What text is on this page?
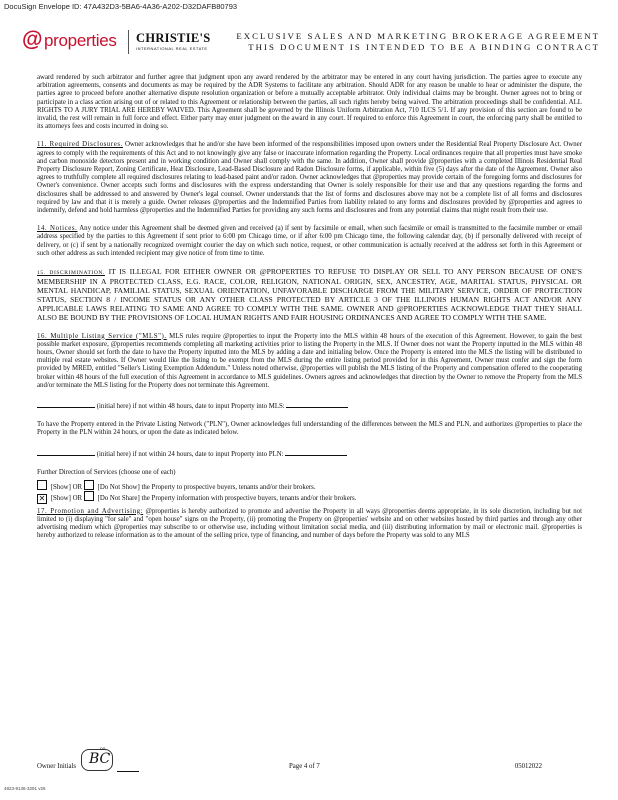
DocuSign Envelope ID: 47A432D3-5BA6-4A36-A202-D32DAFB80793
@ properties CHRISTIE'S
INTERNATIONAL REAL ESTATE
EXCLUSIVE SALES AND MARKETING BROKERAGE AGREEMENT
THIS DOCUMENT IS INTENDED TO BE A BINDING CONTRACT

award rendered by such arbitrator and further agree that judgment upon any award rendered by the arbitrator may be entered in any court having jurisdiction. The parties agree to execute any arbitration agreements, consents and documents as may be required by the ADR Systems to facilitate any arbitration. Should ADR for any reason be unable to hear or administer the dispute, the parties agree to proceed before another alternative dispute resolution organization or before a mutually acceptable arbitrator. Only individual claims may be brought. Owner agrees not to bring or participate in a class action arising out of or related to this Agreement or relationship between the parties, all such rights hereby being waived. The arbitration proceedings shall be confidential. ALL RIGHTS TO A JURY TRIAL ARE HEREBY WAIVED. This Agreement shall be governed by the Illinois Uniform Arbitration Act, 710 ILCS 5/1. If any provision of this section are found to be invalid, the rest will remain in full force and effect. Either party may enter judgment on the award in any court. If required to enforce this Agreement in court, the enforcing party shall be entitled to its attorneys fees and costs incurred in doing so.

11. Required Disclosures. Owner acknowledges that he and/or she have been informed of the responsibilities imposed upon owners under the Residential Real Property Disclosure Act. Owner agrees to comply with the requirements of this Act and to not knowingly give any false or inaccurate information regarding the Property. Local ordinances require that all properties must have smoke and carbon monoxide detectors present and in working condition and Owner shall comply with the same. In addition, Owner shall provide @properties with a completed Illinois Residential Real Property Disclosure Report, Zoning Certificate, Heat Disclosure, Lead-Based Disclosure and Radon Disclosure forms, if applicable, within five (5) days after the date of the Agreement. Owner also agrees to truthfully complete all required disclosures relating to lead-based paint and/or radon. Owner acknowledges that @properties may provide certain of the foregoing forms and disclosures for Owner's convenience. Owner accepts such forms and disclosures with the express understanding that Owner is solely responsible for their use and that any questions regarding the forms and disclosures shall be addressed to and answered by Owner's legal counsel. Owner understands that the list of forms and disclosures above may not be a complete list of all forms and disclosures required by law and that it is merely a guide. Owner releases @properties and the Indemnified Parties from liability related to any forms and disclosures provided by @properties and agrees to indemnify, defend and hold harmless @properties and the Indemnified Parties for providing any such forms and disclosures and from any potential claims that might result from their use.

14. Notices. Any notice under this Agreement shall be deemed given and received (a) if sent by facsimile or email, when such facsimile or email is transmitted to the facsimile number or email address specified by the parties to this Agreement if sent prior to 6:00 pm Chicago time, or if after 6:00 pm Chicago time, the following calendar day, (b) if personally delivered with receipt of delivery, or (c) if sent by a nationally recognized overnight courier the day on which such notice, request, or other communication is actually received at the address set forth in this Agreement or such other address as such intended recipient may give notice of from time to time.

15. DISCRIMINATION. IT IS ILLEGAL FOR EITHER OWNER OR @PROPERTIES TO REFUSE TO DISPLAY OR SELL TO ANY PERSON BECAUSE OF ONE'S MEMBERSHIP IN A PROTECTED CLASS, E.G. RACE, COLOR, RELIGION, NATIONAL ORIGIN, SEX, ANCESTRY, AGE, MARITAL STATUS, PHYSICAL OR MENTAL HANDICAP, FAMILIAL STATUS, SEXUAL ORIENTATION, UNFAVORABLE DISCHARGE FROM THE MILITARY SERVICE, ORDER OF PROTECTION STATUS, SECTION 8 / INCOME STATUS OR ANY OTHER CLASS PROTECTED BY ARTICLE 3 OF THE ILLINOIS HUMAN RIGHTS ACT AND/OR ANY APPLICABLE LAWS RELATING TO SAME AND AGREE TO COMPLY WITH THE SAME. OWNER AND @PROPERTIES ACKNOWLEDGE THAT THEY SHALL ALSO BE BOUND BY THE PROVISIONS OF LOCAL HUMAN RIGHTS AND FAIR HOUSING ORDINANCES AND AGREE TO COMPLY WITH THE SAME.

16. Multiple Listing Service ("MLS"). MLS rules require @properties to input the Property into the MLS within 48 hours of the execution of this Agreement. However, to gain the best possible market exposure, @properties recommends completing all marketing activities prior to listing the Property in the MLS. If Owner does not want the Property inputted in the MLS within 48 hours, Owner should set forth the date to have the Property inputted into the MLS by adding a date and initialing below. Once the Property is entered into the MLS the listing will be distributed to multiple real estate websites. If Owner would like the listing to be exempt from the MLS during the entire listing period provided for in this Agreement, Owner must confer and sign the form provided by MRED, entitled "Seller's Listing Exemption Addendum." Unless noted otherwise, @properties will publish the MLS listing of the Property and compensation offered to the cooperating broker within 48 hours of the full execution of this Agreement in accordance to MLS guidelines. Owners agrees and acknowledges that direction by the Owner to remove the Property from the MLS and/or terminate the MLS listing for the Property does not terminate this Agreement.

(initial here) if not within 48 hours, date to input Property into MLS:

To have the Property entered in the Private Listing Network ("PLN"), Owner acknowledges full understanding of the differences between the MLS and PLN, and authorizes @properties to place the Property in the PLN within 24 hours, or upon the date as indicated below.

(initial here) if not within 24 hours, date to input Property into PLN:
Further Direction of Services (choose one of each)
[Show] OR [Do Not Show] the Property to prospective buyers, tenants and/or their brokers.
✕ [Show] OR [Do Not Share] the Property information with prospective buyers, tenants and/or their brokers.

17. Promotion and Advertising: @properties is hereby authorized to promote and advertise the Property in all ways @properties deems appropriate, in its sole discretion, including but not limited to (i) displaying "for sale" and "open house" signs on the Property, (ii) promoting the Property on @properties' website and on other websites hosted by third parties and through any other advertising medium which @properties may subscribe to or otherwise use, including without limitation social media, and (iii) distributing information by mail or electronic mail. @properties is hereby authorized to release information as to the amount of the selling price, type of financing, and number of days before the Property was sold to any MLS

Owner Initials
DS
BC	Page 4 of 7	05012022
4823-9136-3291 v26
